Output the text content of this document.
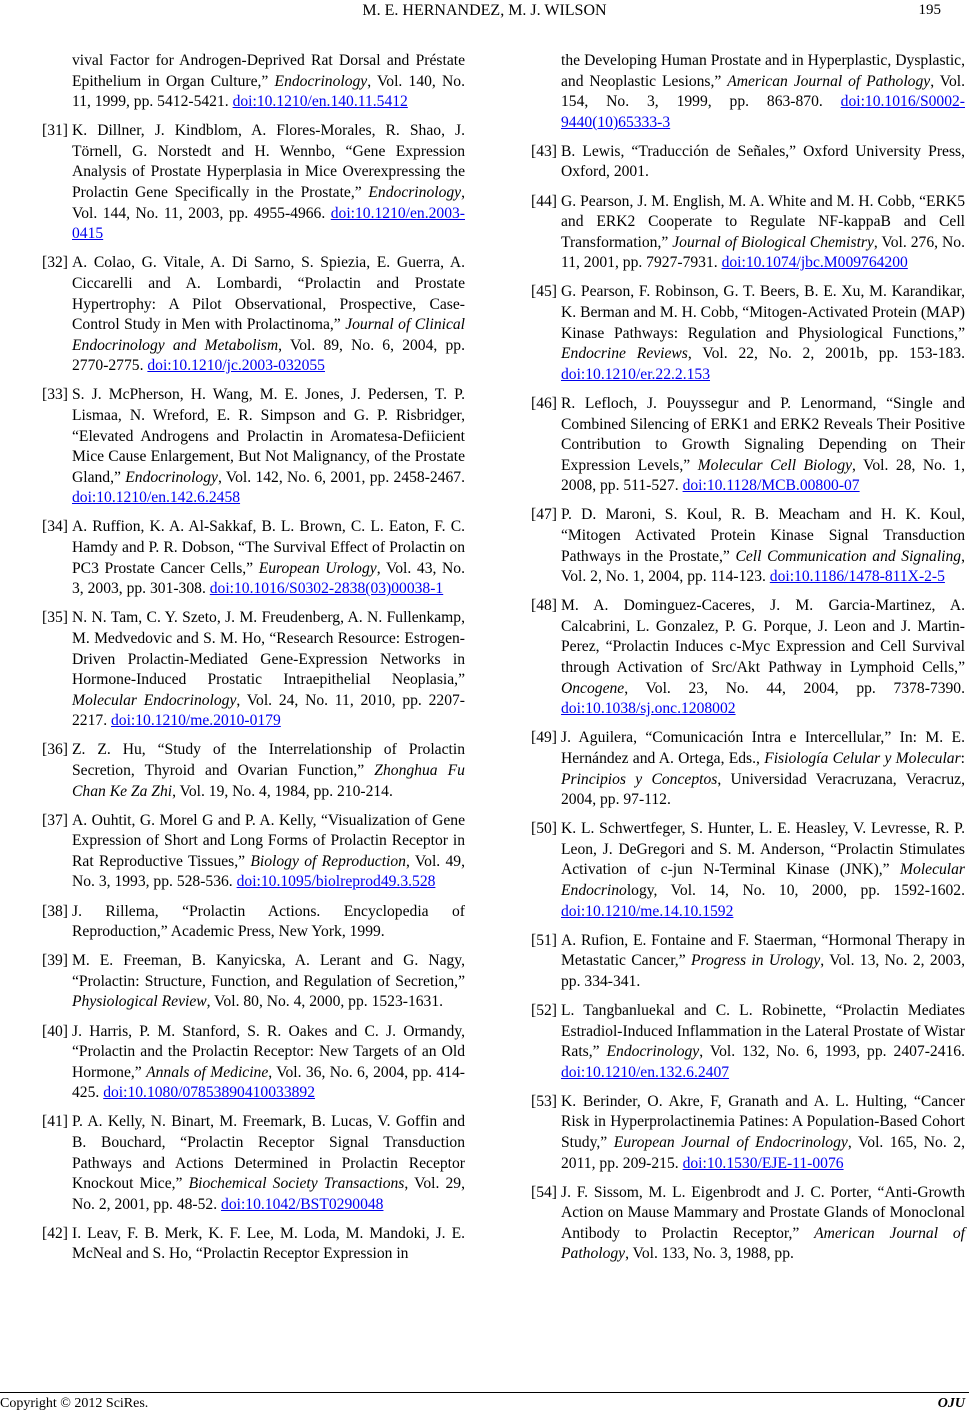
M. E. HERNANDEZ, M. J. WILSON	195
vival Factor for Androgen-Deprived Rat Dorsal and Préstate Epithelium in Organ Culture,” Endocrinology, Vol. 140, No. 11, 1999, pp. 5412-5421. doi:10.1210/en.140.11.5412
[31] K. Dillner, J. Kindblom, A. Flores-Morales, R. Shao, J. Törnell, G. Norstedt and H. Wennbo, “Gene Expression Analysis of Prostate Hyperplasia in Mice Overexpressing the Prolactin Gene Specifically in the Prostate,” Endocrinology, Vol. 144, No. 11, 2003, pp. 4955-4966. doi:10.1210/en.2003-0415
[32] A. Colao, G. Vitale, A. Di Sarno, S. Spiezia, E. Guerra, A. Ciccarelli and A. Lombardi, “Prolactin and Prostate Hypertrophy: A Pilot Observational, Prospective, Case-Control Study in Men with Prolactinoma,” Journal of Clinical Endocrinology and Metabolism, Vol. 89, No. 6, 2004, pp. 2770-2775. doi:10.1210/jc.2003-032055
[33] S. J. McPherson, H. Wang, M. E. Jones, J. Pedersen, T. P. Lismaa, N. Wreford, E. R. Simpson and G. P. Risbridger, “Elevated Androgens and Prolactin in Aromatesa-Defiicient Mice Cause Enlargement, But Not Malignancy, of the Prostate Gland,” Endocrinology, Vol. 142, No. 6, 2001, pp. 2458-2467. doi:10.1210/en.142.6.2458
[34] A. Ruffion, K. A. Al-Sakkaf, B. L. Brown, C. L. Eaton, F. C. Hamdy and P. R. Dobson, “The Survival Effect of Prolactin on PC3 Prostate Cancer Cells,” European Urology, Vol. 43, No. 3, 2003, pp. 301-308. doi:10.1016/S0302-2838(03)00038-1
[35] N. N. Tam, C. Y. Szeto, J. M. Freudenberg, A. N. Fullenkamp, M. Medvedovic and S. M. Ho, “Research Resource: Estrogen-Driven Prolactin-Mediated Gene-Expression Networks in Hormone-Induced Prostatic Intraepithelial Neoplasia,” Molecular Endocrinology, Vol. 24, No. 11, 2010, pp. 2207-2217. doi:10.1210/me.2010-0179
[36] Z. Z. Hu, “Study of the Interrelationship of Prolactin Secretion, Thyroid and Ovarian Function,” Zhonghua Fu Chan Ke Za Zhi, Vol. 19, No. 4, 1984, pp. 210-214.
[37] A. Ouhtit, G. Morel G and P. A. Kelly, “Visualization of Gene Expression of Short and Long Forms of Prolactin Receptor in Rat Reproductive Tissues,” Biology of Reproduction, Vol. 49, No. 3, 1993, pp. 528-536. doi:10.1095/biolreprod49.3.528
[38] J. Rillema, “Prolactin Actions. Encyclopedia of Reproduction,” Academic Press, New York, 1999.
[39] M. E. Freeman, B. Kanyicska, A. Lerant and G. Nagy, “Prolactin: Structure, Function, and Regulation of Secretion,” Physiological Review, Vol. 80, No. 4, 2000, pp. 1523-1631.
[40] J. Harris, P. M. Stanford, S. R. Oakes and C. J. Ormandy, “Prolactin and the Prolactin Receptor: New Targets of an Old Hormone,” Annals of Medicine, Vol. 36, No. 6, 2004, pp. 414-425. doi:10.1080/07853890410033892
[41] P. A. Kelly, N. Binart, M. Freemark, B. Lucas, V. Goffin and B. Bouchard, “Prolactin Receptor Signal Transduction Pathways and Actions Determined in Prolactin Receptor Knockout Mice,” Biochemical Society Transactions, Vol. 29, No. 2, 2001, pp. 48-52. doi:10.1042/BST0290048
[42] I. Leav, F. B. Merk, K. F. Lee, M. Loda, M. Mandoki, J. E. McNeal and S. Ho, “Prolactin Receptor Expression in
the Developing Human Prostate and in Hyperplastic, Dysplastic, and Neoplastic Lesions,” American Journal of Pathology, Vol. 154, No. 3, 1999, pp. 863-870. doi:10.1016/S0002-9440(10)65333-3
[43] B. Lewis, “Traducción de Señales,” Oxford University Press, Oxford, 2001.
[44] G. Pearson, J. M. English, M. A. White and M. H. Cobb, “ERK5 and ERK2 Cooperate to Regulate NF-kappaB and Cell Transformation,” Journal of Biological Chemistry, Vol. 276, No. 11, 2001, pp. 7927-7931. doi:10.1074/jbc.M009764200
[45] G. Pearson, F. Robinson, G. T. Beers, B. E. Xu, M. Karandikar, K. Berman and M. H. Cobb, “Mitogen-Activated Protein (MAP) Kinase Pathways: Regulation and Physiological Functions,” Endocrine Reviews, Vol. 22, No. 2, 2001b, pp. 153-183. doi:10.1210/er.22.2.153
[46] R. Lefloch, J. Pouyssegur and P. Lenormand, “Single and Combined Silencing of ERK1 and ERK2 Reveals Their Positive Contribution to Growth Signaling Depending on Their Expression Levels,” Molecular Cell Biology, Vol. 28, No. 1, 2008, pp. 511-527. doi:10.1128/MCB.00800-07
[47] P. D. Maroni, S. Koul, R. B. Meacham and H. K. Koul, “Mitogen Activated Protein Kinase Signal Transduction Pathways in the Prostate,” Cell Communication and Signaling, Vol. 2, No. 1, 2004, pp. 114-123. doi:10.1186/1478-811X-2-5
[48] M. A. Dominguez-Caceres, J. M. Garcia-Martinez, A. Calcabrini, L. Gonzalez, P. G. Porque, J. Leon and J. Martin-Perez, “Prolactin Induces c-Myc Expression and Cell Survival through Activation of Src/Akt Pathway in Lymphoid Cells,” Oncogene, Vol. 23, No. 44, 2004, pp. 7378-7390. doi:10.1038/sj.onc.1208002
[49] J. Aguilera, “Comunicación Intra e Intercellular,” In: M. E. Hernández and A. Ortega, Eds., Fisiología Celular y Molecular: Principios y Conceptos, Universidad Veracruzana, Veracruz, 2004, pp. 97-112.
[50] K. L. Schwertfeger, S. Hunter, L. E. Heasley, V. Levresse, R. P. Leon, J. DeGregori and S. M. Anderson, “Prolactin Stimulates Activation of c-jun N-Terminal Kinase (JNK),” Molecular Endocrinology, Vol. 14, No. 10, 2000, pp. 1592-1602. doi:10.1210/me.14.10.1592
[51] A. Rufion, E. Fontaine and F. Staerman, “Hormonal Therapy in Metastatic Cancer,” Progress in Urology, Vol. 13, No. 2, 2003, pp. 334-341.
[52] L. Tangbanluekal and C. L. Robinette, “Prolactin Mediates Estradiol-Induced Inflammation in the Lateral Prostate of Wistar Rats,” Endocrinology, Vol. 132, No. 6, 1993, pp. 2407-2416. doi:10.1210/en.132.6.2407
[53] K. Berinder, O. Akre, F, Granath and A. L. Hulting, “Cancer Risk in Hyperprolactinemia Patines: A Population-Based Cohort Study,” European Journal of Endocrinology, Vol. 165, No. 2, 2011, pp. 209-215. doi:10.1530/EJE-11-0076
[54] J. F. Sissom, M. L. Eigenbrodt and J. C. Porter, “Anti-Growth Action on Mause Mammary and Prostate Glands of Monoclonal Antibody to Prolactin Receptor,” American Journal of Pathology, Vol. 133, No. 3, 1988, pp.
Copyright © 2012 SciRes.	OJU
